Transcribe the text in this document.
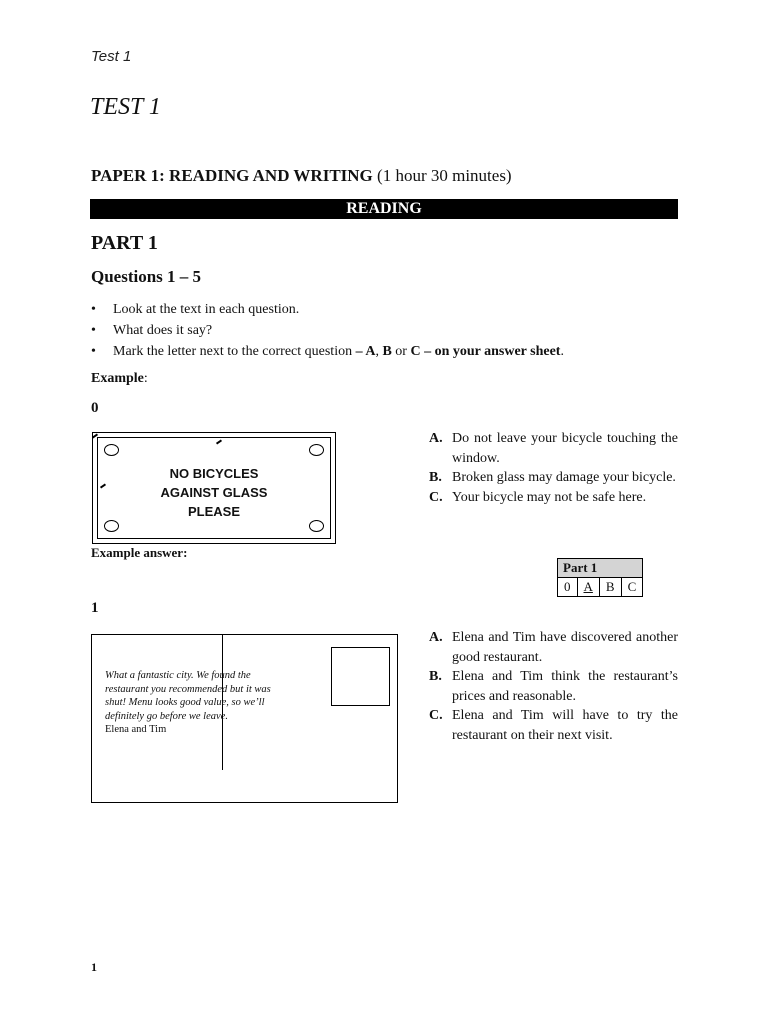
Test 1
TEST 1
PAPER 1: READING AND WRITING (1 hour 30 minutes)
READING
PART 1
Questions 1 – 5
• Look at the text in each question.
• What does it say?
• Mark the letter next to the correct question – A, B or C – on your answer sheet.
Example:
0
NO BICYCLES
AGAINST GLASS
PLEASE
A. Do not leave your bicycle touching the window.
B. Broken glass may damage your bicycle.
C. Your bicycle may not be safe here.
Example answer:
Part 1
0	A	B	C
1
What a fantastic city. We found the
restaurant you recommended but it was
shut! Menu looks good value, so we’ll
definitely go before we leave.
Elena and Tim
A. Elena and Tim have discovered another good restaurant.
B. Elena and Tim think the restaurant’s prices and reasonable.
C. Elena and Tim will have to try the restaurant on their next visit.
1
